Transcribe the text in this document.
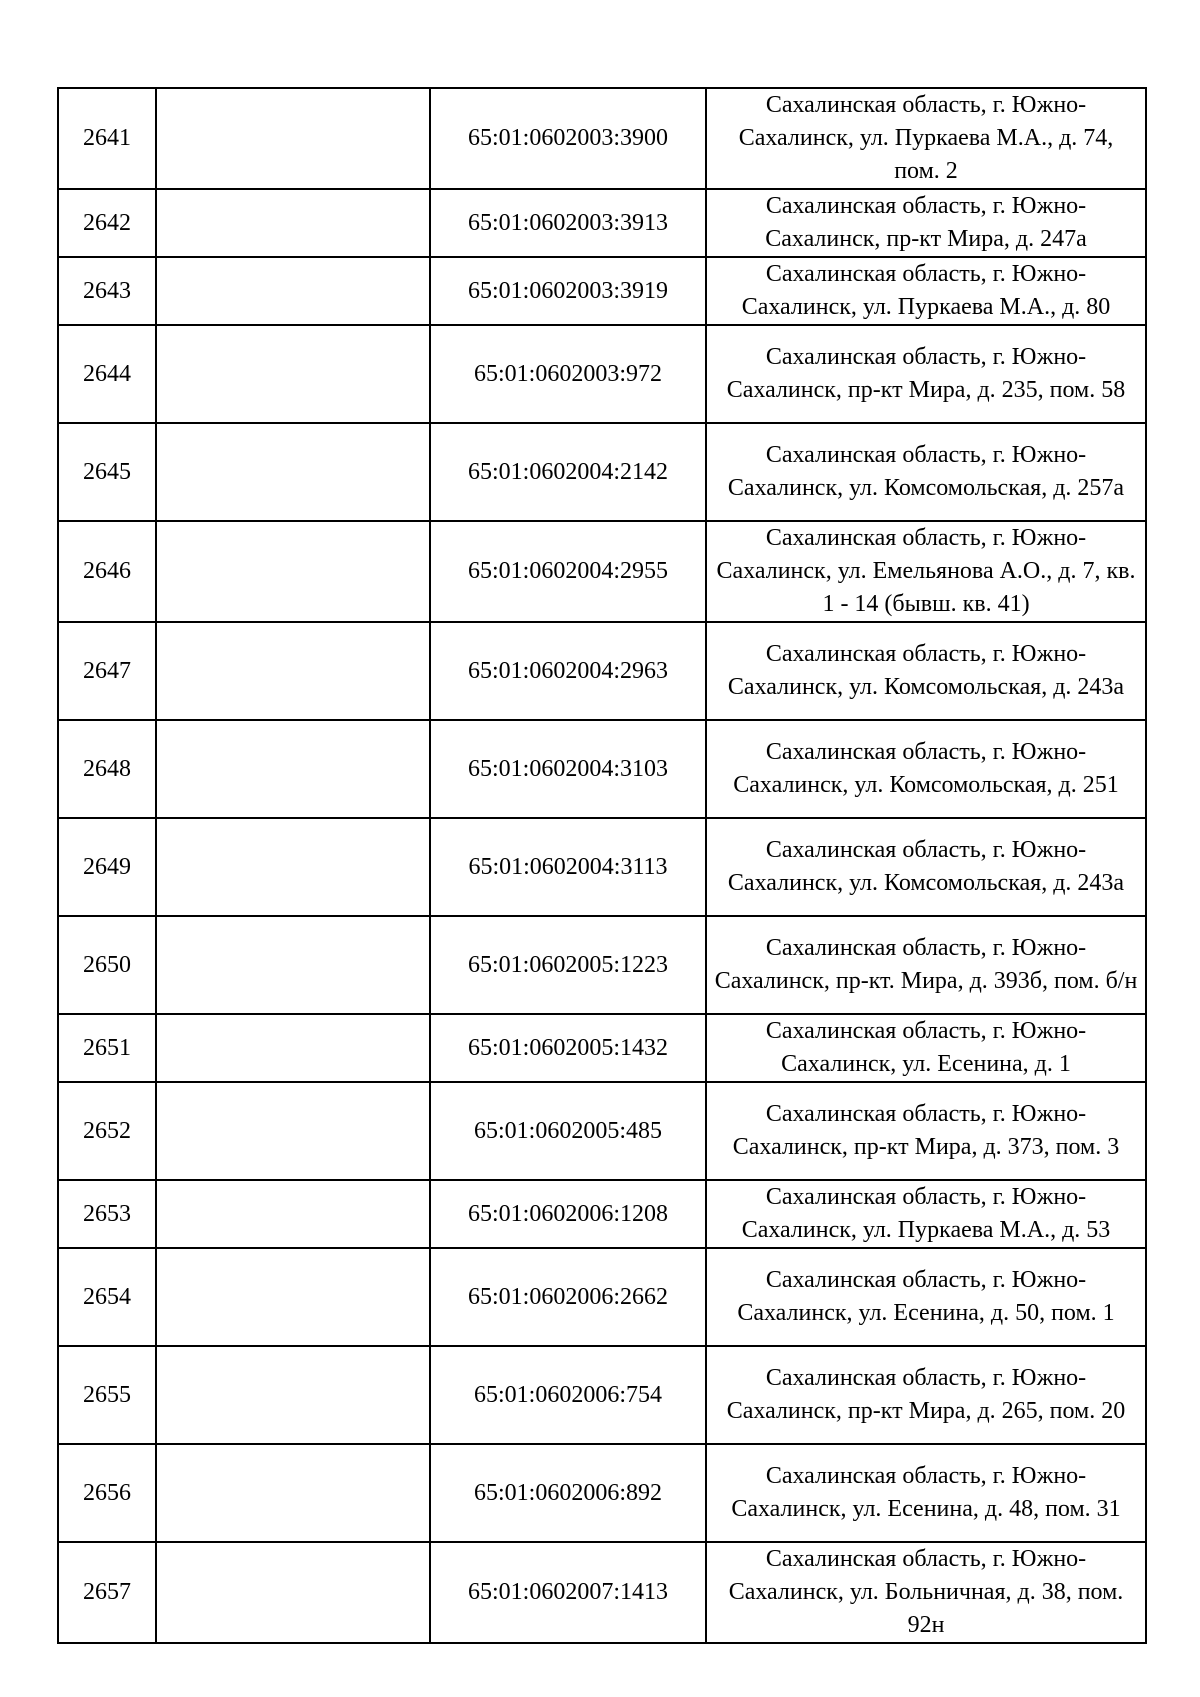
2641		65:01:0602003:3900	Сахалинская область, г. Южно-Сахалинск, ул. Пуркаева М.А., д. 74, пом. 2
2642		65:01:0602003:3913	Сахалинская область, г. Южно-Сахалинск, пр-кт Мира, д. 247а
2643		65:01:0602003:3919	Сахалинская область, г. Южно-Сахалинск, ул. Пуркаева М.А., д. 80
2644		65:01:0602003:972	Сахалинская область, г. Южно-Сахалинск, пр-кт Мира, д. 235, пом. 58
2645		65:01:0602004:2142	Сахалинская область, г. Южно-Сахалинск, ул. Комсомольская, д. 257а
2646		65:01:0602004:2955	Сахалинская область, г. Южно-Сахалинск, ул. Емельянова А.О., д. 7, кв. 1 - 14 (бывш. кв. 41)
2647		65:01:0602004:2963	Сахалинская область, г. Южно-Сахалинск, ул. Комсомольская, д. 243а
2648		65:01:0602004:3103	Сахалинская область, г. Южно-Сахалинск, ул. Комсомольская, д. 251
2649		65:01:0602004:3113	Сахалинская область, г. Южно-Сахалинск, ул. Комсомольская, д. 243а
2650		65:01:0602005:1223	Сахалинская область, г. Южно-Сахалинск, пр-кт. Мира, д. 393б, пом. б/н
2651		65:01:0602005:1432	Сахалинская область, г. Южно-Сахалинск, ул. Есенина, д. 1
2652		65:01:0602005:485	Сахалинская область, г. Южно-Сахалинск, пр-кт Мира, д. 373, пом. 3
2653		65:01:0602006:1208	Сахалинская область, г. Южно-Сахалинск, ул. Пуркаева М.А., д. 53
2654		65:01:0602006:2662	Сахалинская область, г. Южно-Сахалинск, ул. Есенина, д. 50, пом. 1
2655		65:01:0602006:754	Сахалинская область, г. Южно-Сахалинск, пр-кт Мира, д. 265, пом. 20
2656		65:01:0602006:892	Сахалинская область, г. Южно-Сахалинск, ул. Есенина, д. 48, пом. 31
2657		65:01:0602007:1413	Сахалинская область, г. Южно-Сахалинск, ул. Больничная, д. 38, пом. 92н
